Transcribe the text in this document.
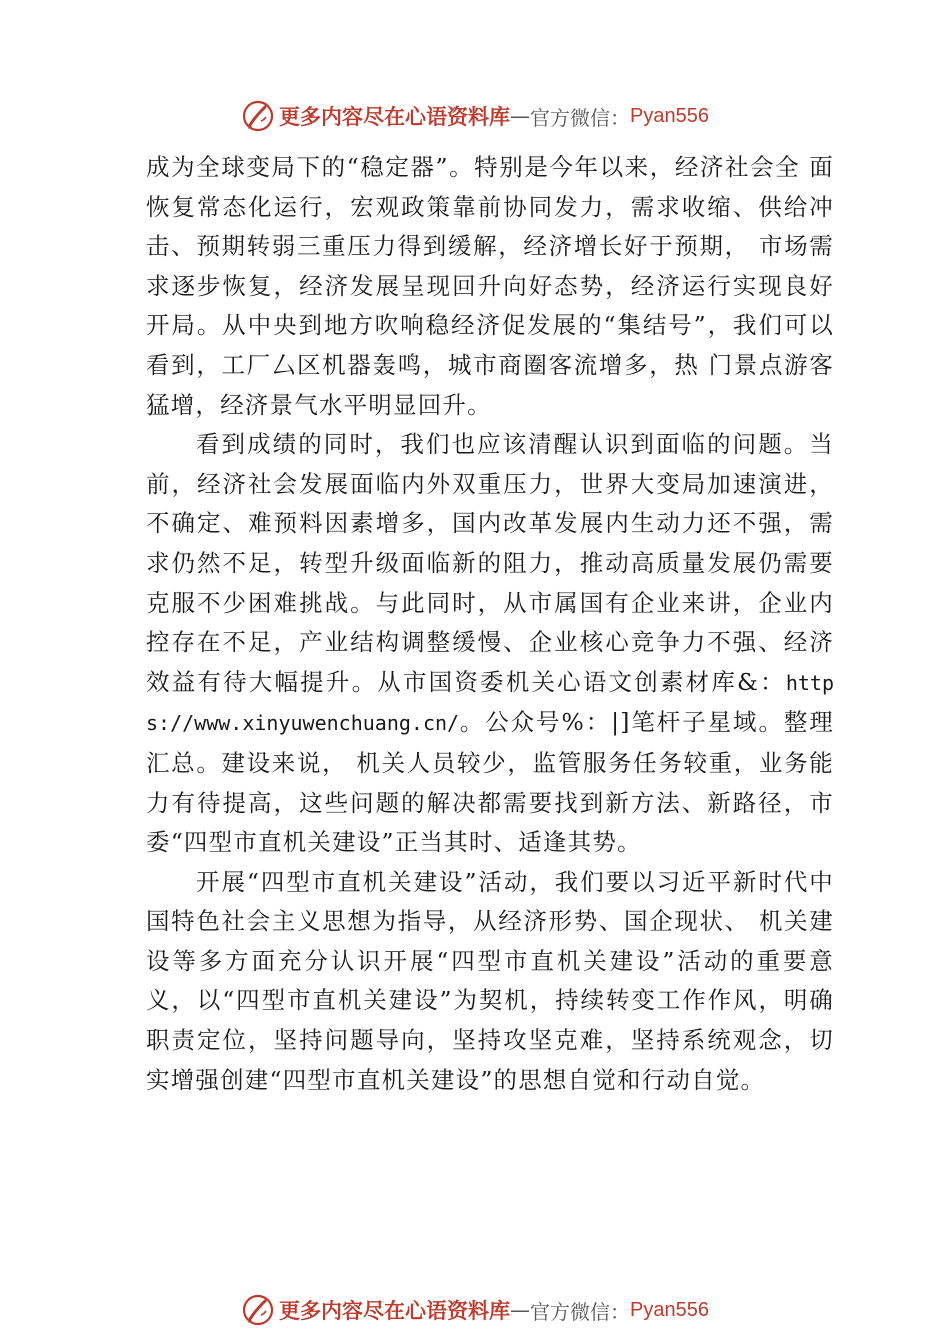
更多内容尽在心语资料库 — 官方微信： Pyan556

成为全球变局下的“稳定器”。特别是今年以来，经济社会全 面恢复常态化运行，宏观政策靠前协同发力，需求收缩、供给冲击、预期转弱三重压力得到缓解，经济增长好于预期， 市场需求逐步恢复，经济发展呈现回升向好态势，经济运行实现良好开局。从中央到地方吹响稳经济促发展的“集结号”，我们可以看到，工厂厶区机器轰鸣，城市商圈客流增多，热 门景点游客猛增，经济景气水平明显回升。

看到成绩的同时，我们也应该清醒认识到面临的问题。当前，经济社会发展面临内外双重压力，世界大变局加速演进，不确定、难预料因素增多，国内改革发展内生动力还不强，需求仍然不足，转型升级面临新的阻力，推动高质量发展仍需要克服不少困难挑战。与此同时，从市属国有企业来讲，企业内控存在不足，产业结构调整缓慢、企业核心竞争力不强、经济效益有待大幅提升。从市国资委机关心语文创素材库&：https://www.xinyuwenchuang.cn/。公众号%：|]笔杆子星域。整理汇总。建设来说， 机关人员较少，监管服务任务较重，业务能力有待提高，这些问题的解决都需要找到新方法、新路径，市委“四型市直机关建设”正当其时、适逢其势。

开展“四型市直机关建设”活动，我们要以习近平新时代中国特色社会主义思想为指导，从经济形势、国企现状、 机关建设等多方面充分认识开展“四型市直机关建设”活动的重要意义，以“四型市直机关建设”为契机，持续转变工作作风，明确职责定位，坚持问题导向，坚持攻坚克难，坚持系统观念，切实增强创建“四型市直机关建设”的思想自觉和行动自觉。

更多内容尽在心语资料库 — 官方微信： Pyan556
